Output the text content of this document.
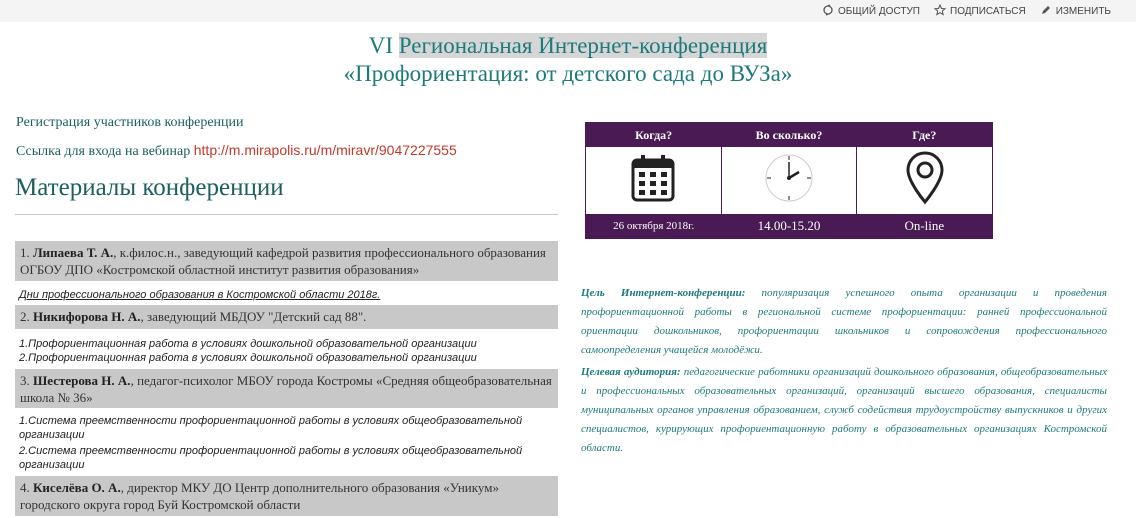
ОБЩИЙ ДОСТУП	ПОДПИСАТЬСЯ	ИЗМЕНИТЬ
VI Региональная Интернет-конференция
«Профориентация: от детского сада до ВУЗа»
Регистрация участников конференции
Ссылка для входа на вебинар http://m.mirapolis.ru/m/miravr/9047227555
Материалы конференции
1. Липаева Т. А., к.филос.н., заведующий кафедрой развития профессионального образования ОГБОУ ДПО «Костромской областной институт развития образования»
Дни профессионального образования в Костромской области 2018г.
2. Никифорова Н. А., заведующий МБДОУ "Детский сад 88".
1.Профориентационная работа в условиях дошкольной образовательной организации
2.Профориентационная работа в условиях дошкольной образовательной организации
3. Шестерова Н. А., педагог-психолог МБОУ города Костромы «Средняя общеобразовательная школа № 36»
1.Система преемственности профориентационной работы в условиях общеобразовательной организации
2.Система преемственности профориентационной работы в условиях общеобразовательной организации
4. Киселёва О. А., директор МКУ ДО Центр дополнительного образования «Уникум» городского округа город Буй Костромской области
Когда?	Во сколько?	Где?
26 октября 2018г.	14.00-15.20	On-line
Цель Интернет-конференции: популяризация успешного опыта организации и проведения профориентационной работы в региональной системе профориентации: ранней профессиональной ориентации дошкольников, профориентации школьников и сопровождения профессионального самоопределения учащейся молодёжи.
Целевая аудитория: педагогические работники организаций дошкольного образования, общеобразовательных и профессиональных образовательных организаций, организаций высшего образования, специалисты муниципальных органов управления образованием, служб содействия трудоустройству выпускников и других специалистов, курирующих профориентационную работу в образовательных организациях Костромской области.
